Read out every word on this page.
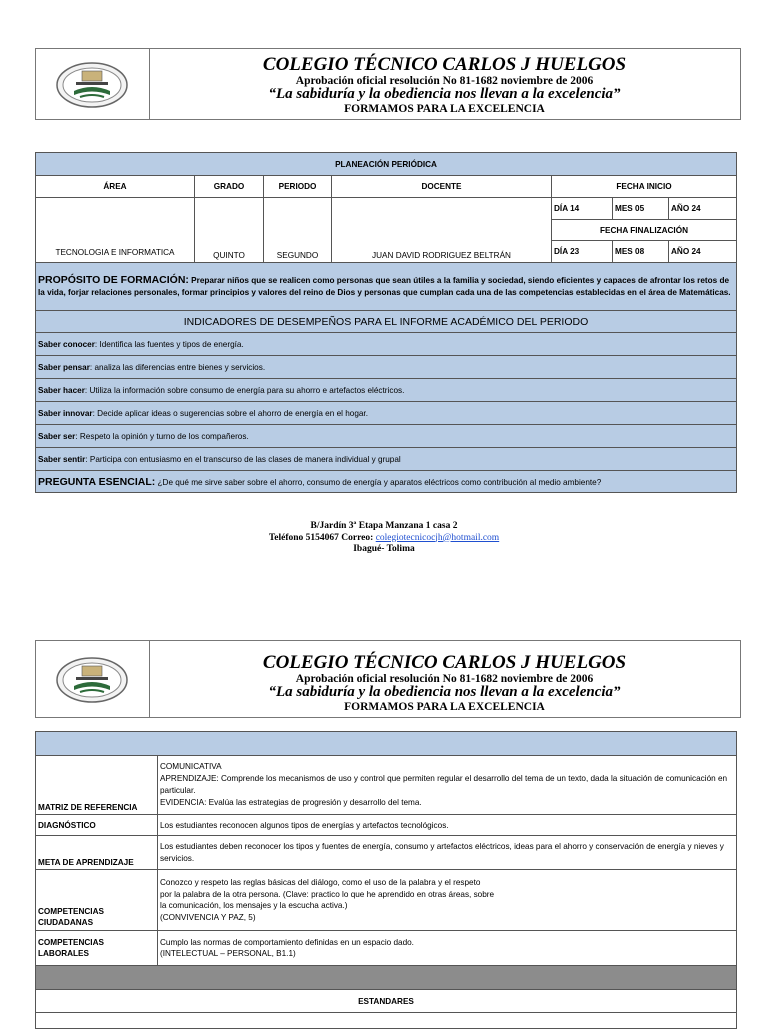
COLEGIO TÉCNICO CARLOS J HUELGOS
Aprobación oficial resolución No 81-1682 noviembre de 2006
“La sabiduría y la obediencia nos llevan a la excelencia”
FORMAMOS PARA LA EXCELENCIA
PLANEACIÓN PERIÓDICA						
ÁREA	GRADO	PERIODO	DOCENTE	FECHA INICIO		
TECNOLOGIA E INFORMATICA	QUINTO	SEGUNDO	JUAN DAVID RODRIGUEZ BELTRÁN	DÍA 14	MES 05	AÑO 24
				FECHA FINALIZACIÓN		
				DÍA 23	MES 08	AÑO 24
PROPÓSITO DE FORMACIÓN: Preparar niños que se realicen como personas que sean útiles a la familia y sociedad, siendo eficientes y capaces de afrontar los retos de la vida, forjar relaciones personales, formar principios y valores del reino de Dios y personas que cumplan cada una de las competencias establecidas en el área de Matemáticas.						
INDICADORES DE DESEMPEÑOS PARA EL INFORME ACADÉMICO DEL PERIODO						
Saber conocer: Identifica las fuentes y tipos de energía.						
Saber pensar: analiza las diferencias entre bienes y servicios.						
Saber hacer: Utiliza la información sobre consumo de energía para su ahorro e artefactos eléctricos.						
Saber innovar: Decide aplicar ideas o sugerencias sobre el ahorro de energía en el hogar.						
Saber ser: Respeto la opinión y turno de los compañeros.						
Saber sentir: Participa con entusiasmo en el transcurso de las clases de manera individual y grupal						
PREGUNTA ESENCIAL: ¿De qué me sirve saber sobre el ahorro, consumo de energía y aparatos eléctricos como contribución al medio ambiente?						
B/Jardín 3ª Etapa Manzana 1 casa 2
Teléfono 5154067 Correo: colegiotecnicocjh@hotmail.com
Ibagué- Tolima
COLEGIO TÉCNICO CARLOS J HUELGOS
Aprobación oficial resolución No 81-1682 noviembre de 2006
“La sabiduría y la obediencia nos llevan a la excelencia”
FORMAMOS PARA LA EXCELENCIA

MATRIZ DE REFERENCIA	COMUNICATIVA
APRENDIZAJE: Comprende los mecanismos de uso y control que permiten regular el desarrollo del tema de un texto, dada la situación de comunicación en particular.
EVIDENCIA: Evalúa las estrategias de progresión y desarrollo del tema.

DIAGNÓSTICO	Los estudiantes reconocen algunos tipos de energías y artefactos tecnológicos.
META DE APRENDIZAJE	Los estudiantes deben reconocer los tipos y fuentes de energía, consumo y artefactos eléctricos, ideas para el ahorro y conservación de energía y nieves y servicios.
COMPETENCIAS CIUDADANAS	Conozco y respeto las reglas básicas del diálogo, como el uso de la palabra y el respeto
por la palabra de la otra persona. (Clave: practico lo que he aprendido en otras áreas, sobre
la comunicación, los mensajes y la escucha activa.)
(CONVIVENCIA Y PAZ, 5)

COMPETENCIAS LABORALES	Cumplo las normas de comportamiento definidas en un espacio dado.
(INTELECTUAL – PERSONAL, B1.1)

ESTANDARES	
